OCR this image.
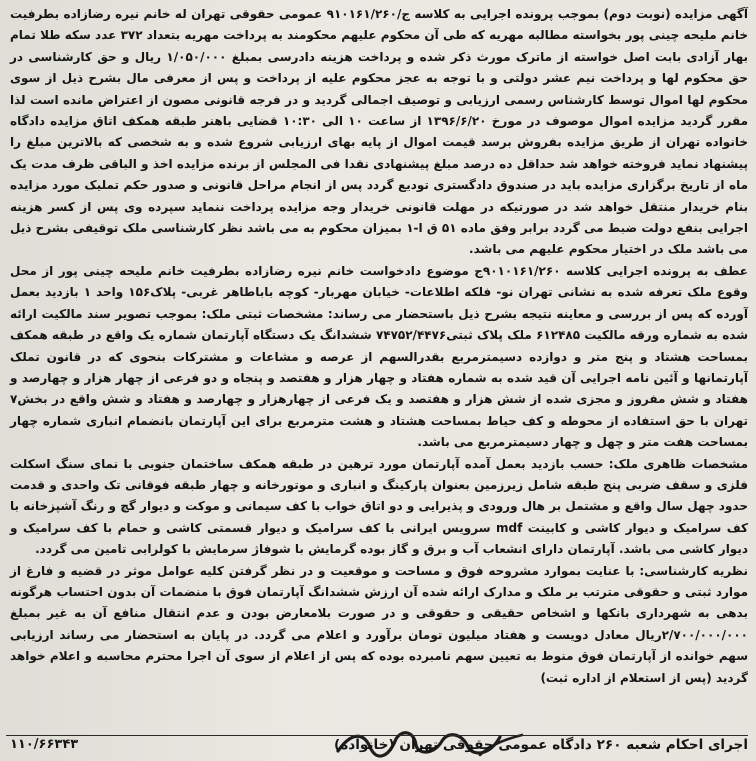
آگهی مزایده (نوبت دوم) بموجب پرونده اجرایی به کلاسه ج/۹۱۰۱۶۱/۲۶۰ عمومی حقوقی تهران له خانم نیره رضازاده بطرفیت خانم ملیحه چینی پور بخواسته مطالبه مهریه که طی آن محکوم علیهم محکومند به پرداخت مهریه بتعداد ۳۷۲ عدد سکه طلا تمام بهار آزادی بابت اصل خواسته از ماترک مورث ذکر شده و پرداخت هزینه دادرسی بمبلغ ۱/۰۵۰/۰۰۰ ریال و حق کارشناسی در حق محکوم لها و پرداخت نیم عشر دولتی و با توجه به عجز محکوم علیه از پرداخت و پس از معرفی مال بشرح ذیل از سوی محکوم لها اموال توسط کارشناس رسمی ارزیابی و توصیف اجمالی گردید و در فرجه قانونی مصون از اعتراض مانده است لذا مقرر گردید مزایده اموال موصوف در مورخ ۱۳۹۶/۶/۲۰ از ساعت ۱۰ الی ۱۰:۳۰ قضایی باهنر طبقه همکف اتاق مزایده دادگاه خانواده تهران از طریق مزایده بفروش برسد قیمت اموال از پایه بهای ارزیابی شروع شده و به شخصی که بالاترین مبلغ را پیشنهاد نماید فروخته خواهد شد حداقل ده درصد مبلغ پیشنهادی نقدا فی المجلس از برنده مزایده اخذ و الباقی ظرف مدت یک ماه از تاریخ برگزاری مزایده باید در صندوق دادگستری تودیع گردد پس از انجام مراحل قانونی و صدور حکم تملیک مورد مزایده بنام خریدار منتقل خواهد شد در صورتیکه در مهلت قانونی خریدار وجه مزایده پرداخت ننماید سپرده وی پس از کسر هزینه اجرایی بنفع دولت ضبط می گردد برابر وفق ماده ۵۱ ق ا-۱ بمیزان محکوم به می باشد نظر کارشناسی ملک توقیفی بشرح ذیل می باشد ملک در اختیار محکوم علیهم می باشد.
عطف به پرونده اجرایی کلاسه ۹۰۱۰۱۶۱/۲۶۰ج موضوع دادخواست خانم نیره رضازاده بطرفیت خانم ملیحه چینی پور از محل وقوع ملک تعرفه شده به نشانی تهران نو- فلکه اطلاعات- خیابان مهربار- کوچه باباطاهر غربی- پلاک۱۵۶ واحد ۱ بازدید بعمل آورده که پس از بررسی و معاینه نتیجه بشرح ذیل باستحضار می رساند: مشخصات ثبتی ملک: بموجب تصویر سند مالکیت ارائه شده به شماره ورقه مالکیت ۶۱۲۴۸۵ ملک پلاک ثبتی۷۴۷۵۲/۴۴۷۶ ششدانگ یک دستگاه آپارتمان شماره یک واقع در طبقه همکف بمساحت هشتاد و پنج متر و دوازده دسیمترمربع بقدرالسهم از عرصه و مشاعات و مشترکات بنحوی که در قانون تملک آپارتمانها و آئین نامه اجرایی آن قید شده به شماره هفتاد و چهار هزار و هفتصد و پنجاه و دو فرعی از چهار هزار و چهارصد و هفتاد و شش مفروز و مجزی شده از شش هزار و هفتصد و یک فرعی از چهارهزار و چهارصد و هفتاد و شش واقع در بخش۷ تهران با حق استفاده از محوطه و کف حیاط بمساحت هشتاد و هشت مترمربع برای این آپارتمان بانضمام انباری شماره چهار بمساحت هفت متر و چهل و چهار دسیمترمربع می باشد.
مشخصات ظاهری ملک: حسب بازدید بعمل آمده آپارتمان مورد ترهین در طبقه همکف ساختمان جنوبی با نمای سنگ اسکلت فلزی و سقف ضربی پنج طبقه شامل زیرزمین بعنوان پارکینگ و انباری و موتورخانه و چهار طبقه فوقانی تک واحدی و قدمت حدود چهل سال واقع و مشتمل بر هال ورودی و پذیرایی و دو اتاق خواب با کف سیمانی و موکت و دیوار گچ و رنگ آشپزخانه با کف سرامیک و دیوار کاشی و کابینت mdf سرویس ایرانی با کف سرامیک و دیوار قسمتی کاشی و حمام با کف سرامیک و دیوار کاشی می باشد. آپارتمان دارای انشعاب آب و برق و گاز بوده گرمایش با شوفاژ سرمایش با کولرابی تامین می گردد.
نظریه کارشناسی: با عنایت بموارد مشروحه فوق و مساحت و موقعیت و در نظر گرفتن کلیه عوامل موثر در قضیه و فارغ از موارد ثبتی و حقوقی مترتب بر ملک و مدارک ارائه شده آن ارزش ششدانگ آپارتمان فوق با منضمات آن بدون احتساب هرگونه بدهی به شهرداری بانکها و اشخاص حقیقی و حقوقی و در صورت بلامعارض بودن و عدم انتقال منافع آن به غیر بمبلغ ۲/۷۰۰/۰۰۰/۰۰۰ریال معادل دویست و هفتاد میلیون تومان برآورد و اعلام می گردد. در پایان به استحضار می رساند ارزیابی سهم خوانده از آپارتمان فوق منوط به تعیین سهم نامبرده بوده که پس از اعلام از سوی آن اجرا محترم محاسبه و اعلام خواهد گردید (پس از استعلام از اداره ثبت)
اجرای احکام شعبه ۲۶۰ دادگاه عمومی حقوقی تهران (خانواده)
۱۱۰/۶۶۳۴۳
